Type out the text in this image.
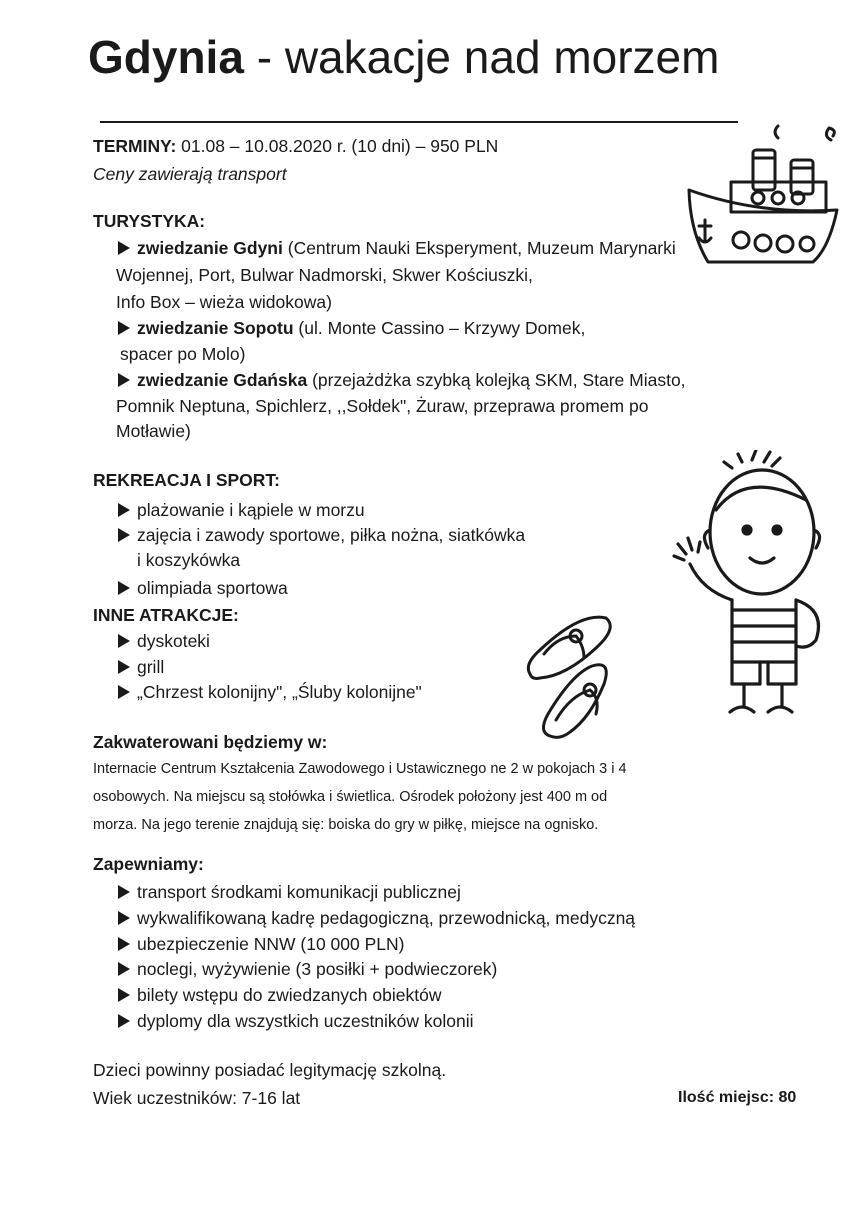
Gdynia - wakacje nad morzem
TERMINY: 01.08 – 10.08.2020 r. (10 dni) – 950 PLN
Ceny zawierają transport
TURYSTYKA:
zwiedzanie Gdyni (Centrum Nauki Eksperyment, Muzeum Marynarki
Wojennej, Port, Bulwar Nadmorski, Skwer Kościuszki,
Info Box – wieża widokowa)
zwiedzanie Sopotu (ul. Monte Cassino – Krzywy Domek,
spacer po Molo)
zwiedzanie Gdańska (przejażdżka szybką kolejką SKM, Stare Miasto,
Pomnik Neptuna, Spichlerz, ,,Sołdek", Żuraw, przeprawa promem po
Motławie)
REKREACJA I SPORT:
plażowanie i kąpiele w morzu
zajęcia i zawody sportowe, piłka nożna, siatkówka
i koszykówka
olimpiada sportowa
INNE ATRAKCJE:
dyskoteki
grill
„Chrzest kolonijny", „Śluby kolonijne"
Zakwaterowani będziemy w:
Internacie Centrum Kształcenia Zawodowego i Ustawicznego ne 2 w pokojach 3 i 4
osobowych. Na miejscu są stołówka i świetlica. Ośrodek położony jest 400 m od
morza. Na jego terenie znajdują się: boiska do gry w piłkę, miejsce na ognisko.
Zapewniamy:
transport środkami komunikacji publicznej
wykwalifikowaną kadrę pedagogiczną, przewodnicką, medyczną
ubezpieczenie NNW (10 000 PLN)
noclegi, wyżywienie (3 posiłki + podwieczorek)
bilety wstępu do zwiedzanych obiektów
dyplomy dla wszystkich uczestników kolonii
Dzieci powinny posiadać legitymację szkolną.
Wiek uczestników: 7-16 lat	Ilość miejsc: 80
